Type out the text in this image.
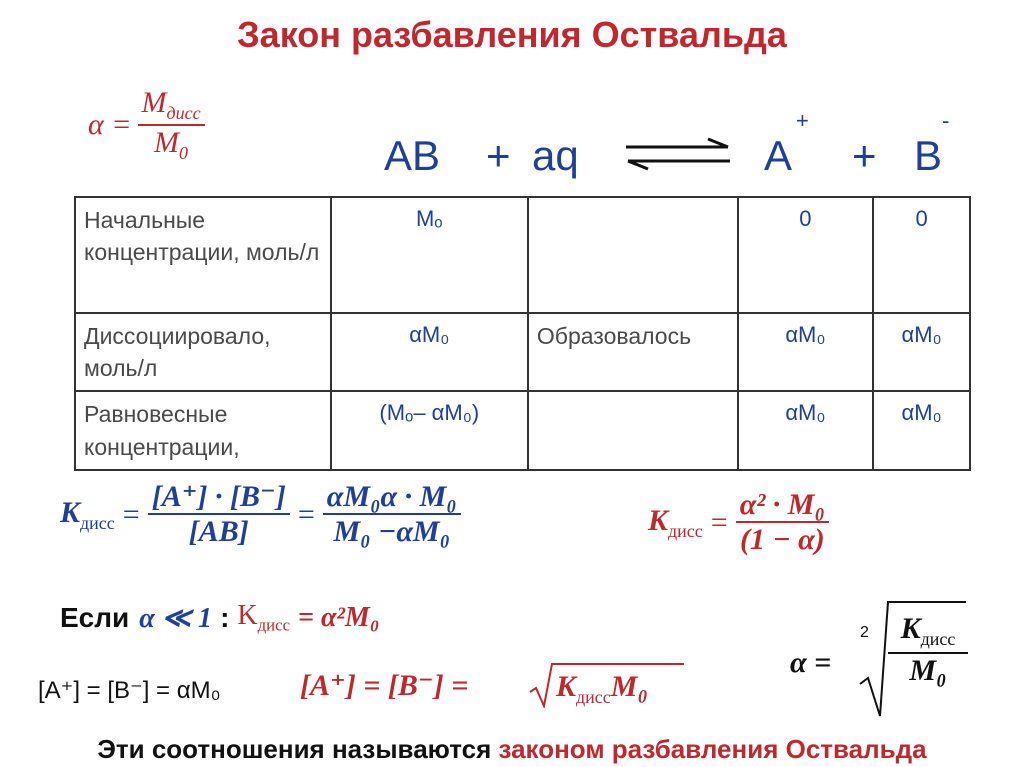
Закон разбавления Оствальда
$\alpha = \frac{M_{дисс}}{M_0}$	AB + aq	A
+
+ B
-
Начальные концентрации, моль/л	Mₒ		0	0
Диссоциировало, моль/л	αM₀	Образовалось	αM₀	αM₀
Равновесные концентрации,	(Mₒ– αM₀)		αM₀	αM₀
$K_{дисс} = \frac{[A^+] \cdot [B^-]}{[AB]} = \frac{\text{αM₀α · M₀}}{\text{M₀ −αM₀}}$	$K_{дисс} = \frac{\text{α² · M₀}}{(1 - \alpha)}$
Если α ≪ 1 : $K_{дисс} = \alpha^2M_0$
α =
2	$K_{дисс}$
M₀
[A⁺] = [B⁻] = αM₀	[A⁺] = [B⁻] =	$K_{дисс}M_0$
Эти соотношения называются законом разбавления Оствальда
